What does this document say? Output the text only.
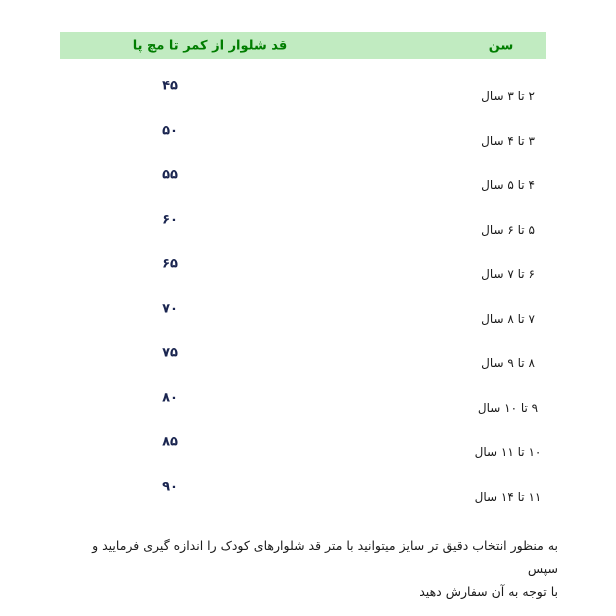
قد شلوار از کمر تا مچ پا	سن
۴۵
۲ تا ۳ سال
۵۰
۳ تا ۴ سال
۵۵
۴ تا ۵ سال
۶۰
۵ تا ۶ سال
۶۵
۶ تا ۷ سال
۷۰
۷ تا ۸ سال
۷۵
۸ تا ۹ سال
۸۰
۹ تا ۱۰ سال
۸۵
۱۰ تا ۱۱ سال
۹۰
۱۱ تا ۱۴ سال
به منظور انتخاب دقیق تر سایز میتوانید با متر قد شلوارهای کودک را اندازه گیری فرمایید و سپس
با توجه به آن سفارش دهید
